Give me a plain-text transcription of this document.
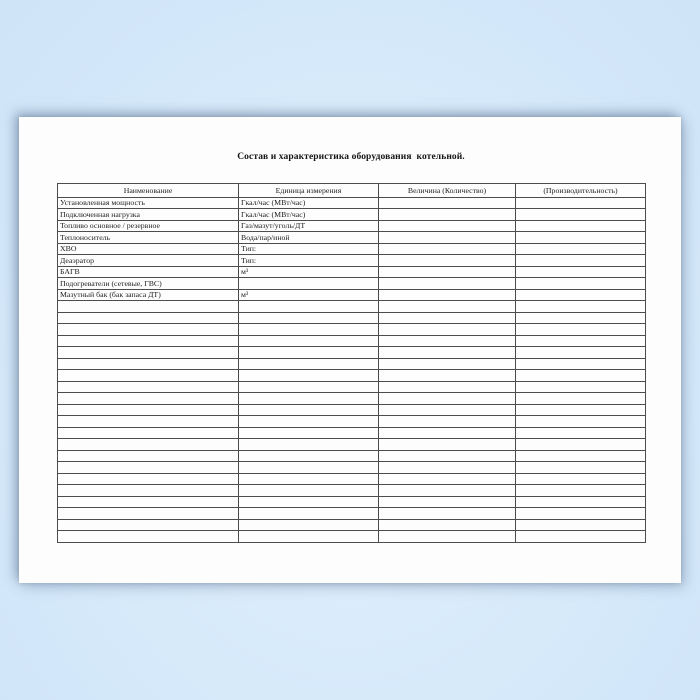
Состав и характеристика оборудования  котельной.
Наименование	Единица измерения	Величина (Количество)	(Производительность)
Установленная мощность	Гкал/час (МВт/час)		
Подключенная нагрузка	Гкал/час (МВт/час)		
Топливо основное / резервное	Газ/мазут/уголь/ДТ		
Теплоноситель	Вода/пар/иной		
ХВО	Тип:		
Деаэратор	Тип:		
БАГВ	м³		
Подогреватели (сетевые, ГВС)			
Мазутный бак (бак запаса ДТ)	м³		
